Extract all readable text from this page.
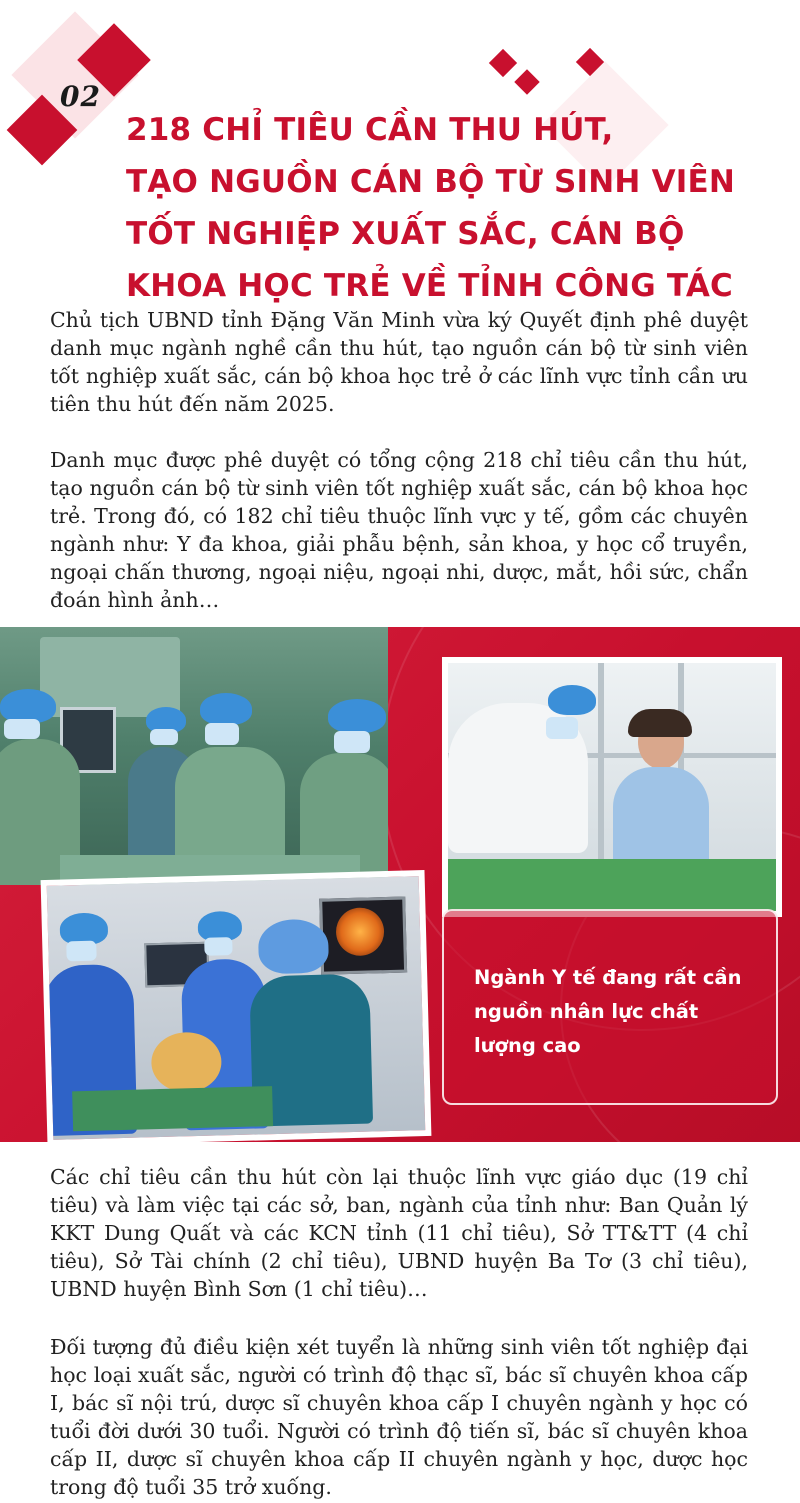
02
218 CHỈ TIÊU CẦN THU HÚT,
TẠO NGUỒN CÁN BỘ TỪ SINH VIÊN
TỐT NGHIỆP XUẤT SẮC, CÁN BỘ
KHOA HỌC TRẺ VỀ TỈNH CÔNG TÁC

Chủ tịch UBND tỉnh Đặng Văn Minh vừa ký Quyết định phê duyệt danh mục ngành nghề cần thu hút, tạo nguồn cán bộ từ sinh viên tốt nghiệp xuất sắc, cán bộ khoa học trẻ ở các lĩnh vực tỉnh cần ưu tiên thu hút đến năm 2025.

Danh mục được phê duyệt có tổng cộng 218 chỉ tiêu cần thu hút, tạo nguồn cán bộ từ sinh viên tốt nghiệp xuất sắc, cán bộ khoa học trẻ. Trong đó, có 182 chỉ tiêu thuộc lĩnh vực y tế, gồm các chuyên ngành như: Y đa khoa, giải phẫu bệnh, sản khoa, y học cổ truyền, ngoại chấn thương, ngoại niệu, ngoại nhi, dược, mắt, hồi sức, chẩn đoán hình ảnh…

Ngành Y tế đang rất cần nguồn nhân lực chất lượng cao

Các chỉ tiêu cần thu hút còn lại thuộc lĩnh vực giáo dục (19 chỉ tiêu) và làm việc tại các sở, ban, ngành của tỉnh như: Ban Quản lý KKT Dung Quất và các KCN tỉnh (11 chỉ tiêu), Sở TT&TT (4 chỉ tiêu), Sở Tài chính (2 chỉ tiêu), UBND huyện Ba Tơ (3 chỉ tiêu), UBND huyện Bình Sơn (1 chỉ tiêu)…

Đối tượng đủ điều kiện xét tuyển là những sinh viên tốt nghiệp đại học loại xuất sắc, người có trình độ thạc sĩ, bác sĩ chuyên khoa cấp I, bác sĩ nội trú, dược sĩ chuyên khoa cấp I chuyên ngành y học có tuổi đời dưới 30 tuổi. Người có trình độ tiến sĩ, bác sĩ chuyên khoa cấp II, dược sĩ chuyên khoa cấp II chuyên ngành y học, dược học trong độ tuổi 35 trở xuống.
